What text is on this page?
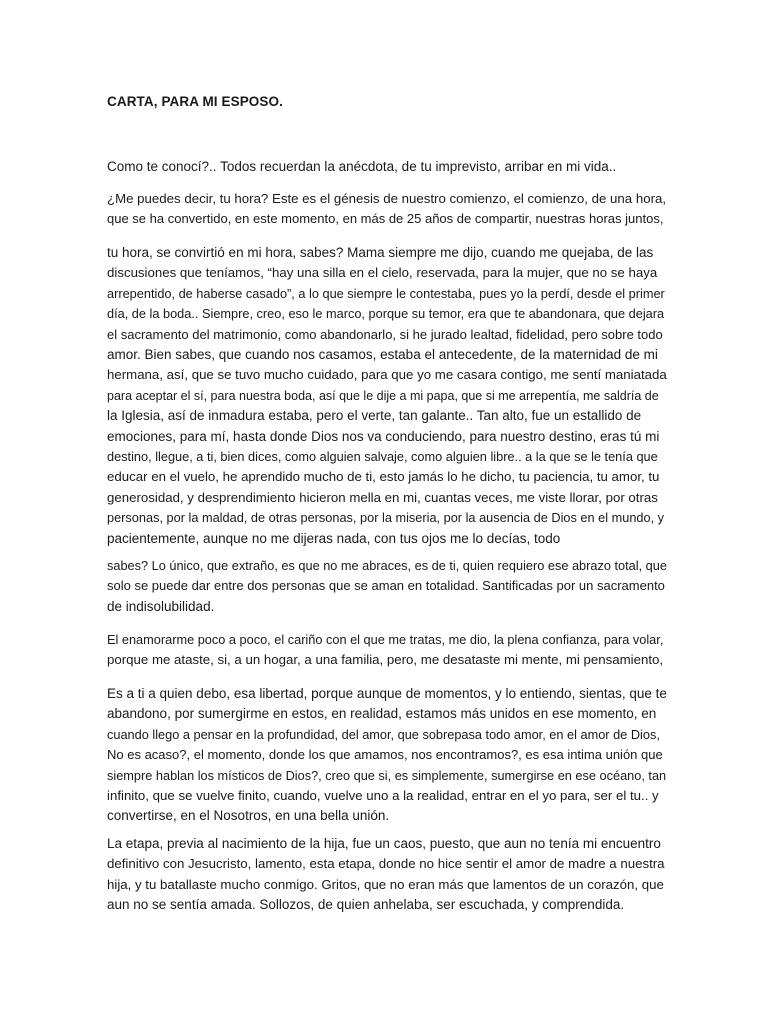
CARTA, PARA MI ESPOSO.

Como te conocí?.. Todos recuerdan la anécdota, de tu imprevisto, arribar en mi vida..

¿Me puedes decir, tu hora? Este es el génesis de nuestro comienzo, el comienzo, de una hora,
que se ha convertido, en este momento, en más de 25 años de compartir, nuestras horas juntos,

tu hora, se convirtió en mi hora, sabes? Mama siempre me dijo, cuando me quejaba, de las
discusiones que teníamos, “hay una silla en el cielo, reservada, para la mujer, que no se haya
arrepentido, de haberse casado”, a lo que siempre le contestaba, pues yo la perdí, desde el primer
día, de la boda.. Siempre, creo, eso le marco, porque su temor, era que te abandonara, que dejara
el sacramento del matrimonio, como abandonarlo, si he jurado lealtad, fidelidad, pero sobre todo
amor. Bien sabes, que cuando nos casamos, estaba el antecedente, de la maternidad de mi
hermana, así, que se tuvo mucho cuidado, para que yo me casara contigo, me sentí maniatada
para aceptar el sí, para nuestra boda, así que le dije a mi papa, que si me arrepentía, me saldría de
la Iglesia, así de inmadura estaba, pero el verte, tan galante.. Tan alto, fue un estallido de
emociones, para mí, hasta donde Dios nos va conduciendo, para nuestro destino, eras tú mi
destino, llegue, a ti, bien dices, como alguien salvaje, como alguien libre.. a la que se le tenía que
educar en el vuelo, he aprendido mucho de ti, esto jamás lo he dicho, tu paciencia, tu amor, tu
generosidad, y desprendimiento hicieron mella en mi, cuantas veces, me viste llorar, por otras
personas, por la maldad, de otras personas, por la miseria, por la ausencia de Dios en el mundo, y
pacientemente, aunque no me dijeras nada, con tus ojos me lo decías, todo

sabes? Lo único, que extraño, es que no me abraces, es de ti, quien requiero ese abrazo total, que
solo se puede dar entre dos personas que se aman en totalidad. Santificadas por un sacramento
de indisolubilidad.

El enamorarme poco a poco, el cariño con el que me tratas, me dio, la plena confianza, para volar,
porque me ataste, si, a un hogar, a una familia, pero, me desataste mi mente, mi pensamiento,

Es a ti a quien debo, esa libertad, porque aunque de momentos, y lo entiendo, sientas, que te
abandono, por sumergirme en estos, en realidad, estamos más unidos en ese momento, en
cuando llego a pensar en la profundidad, del amor, que sobrepasa todo amor, en el amor de Dios,
No es acaso?, el momento, donde los que amamos, nos encontramos?, es esa intima unión que
siempre hablan los místicos de Dios?, creo que si, es simplemente, sumergirse en ese océano, tan
infinito, que se vuelve finito, cuando, vuelve uno a la realidad, entrar en el yo para, ser el tu.. y
convertirse, en el Nosotros, en una bella unión.

La etapa, previa al nacimiento de la hija, fue un caos, puesto, que aun no tenía mi encuentro
definitivo con Jesucristo, lamento, esta etapa, donde no hice sentir el amor de madre a nuestra
hija, y tu batallaste mucho conmigo. Gritos, que no eran más que lamentos de un corazón, que
aun no se sentía amada. Sollozos, de quien anhelaba, ser escuchada, y comprendida.
